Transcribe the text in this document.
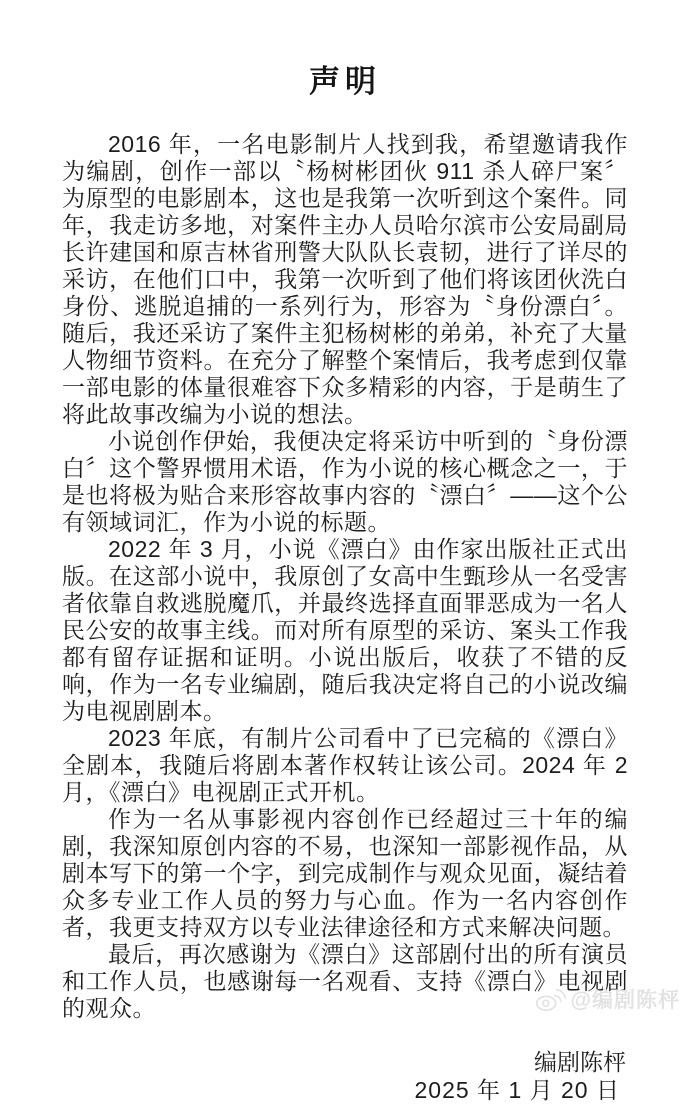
声明

2016 年，一名电影制片人找到我，希望邀请我作为编剧，创作一部以〝杨树彬团伙 911 杀人碎尸案〞为原型的电影剧本，这也是我第一次听到这个案件。同年，我走访多地，对案件主办人员哈尔滨市公安局副局长许建国和原吉林省刑警大队队长袁韧，进行了详尽的采访，在他们口中，我第一次听到了他们将该团伙洗白身份、逃脱追捕的一系列行为，形容为〝身份漂白〞。随后，我还采访了案件主犯杨树彬的弟弟，补充了大量人物细节资料。在充分了解整个案情后，我考虑到仅靠一部电影的体量很难容下众多精彩的内容，于是萌生了将此故事改编为小说的想法。

小说创作伊始，我便决定将采访中听到的〝身份漂白〞这个警界惯用术语，作为小说的核心概念之一，于是也将极为贴合来形容故事内容的〝漂白〞——这个公有领域词汇，作为小说的标题。

2022 年 3 月，小说《漂白》由作家出版社正式出版。在这部小说中，我原创了女高中生甄珍从一名受害者依靠自救逃脱魔爪，并最终选择直面罪恶成为一名人民公安的故事主线。而对所有原型的采访、案头工作我都有留存证据和证明。小说出版后，收获了不错的反响，作为一名专业编剧，随后我决定将自己的小说改编为电视剧剧本。

2023 年底，有制片公司看中了已完稿的《漂白》全剧本，我随后将剧本著作权转让该公司。2024 年 2 月，《漂白》电视剧正式开机。

作为一名从事影视内容创作已经超过三十年的编剧，我深知原创内容的不易，也深知一部影视作品，从剧本写下的第一个字，到完成制作与观众见面，凝结着众多专业工作人员的努力与心血。作为一名内容创作者，我更支持双方以专业法律途径和方式来解决问题。

最后，再次感谢为《漂白》这部剧付出的所有演员和工作人员，也感谢每一名观看、支持《漂白》电视剧的观众。

编剧陈枰
2025 年 1 月 20 日
@编剧陈枰
